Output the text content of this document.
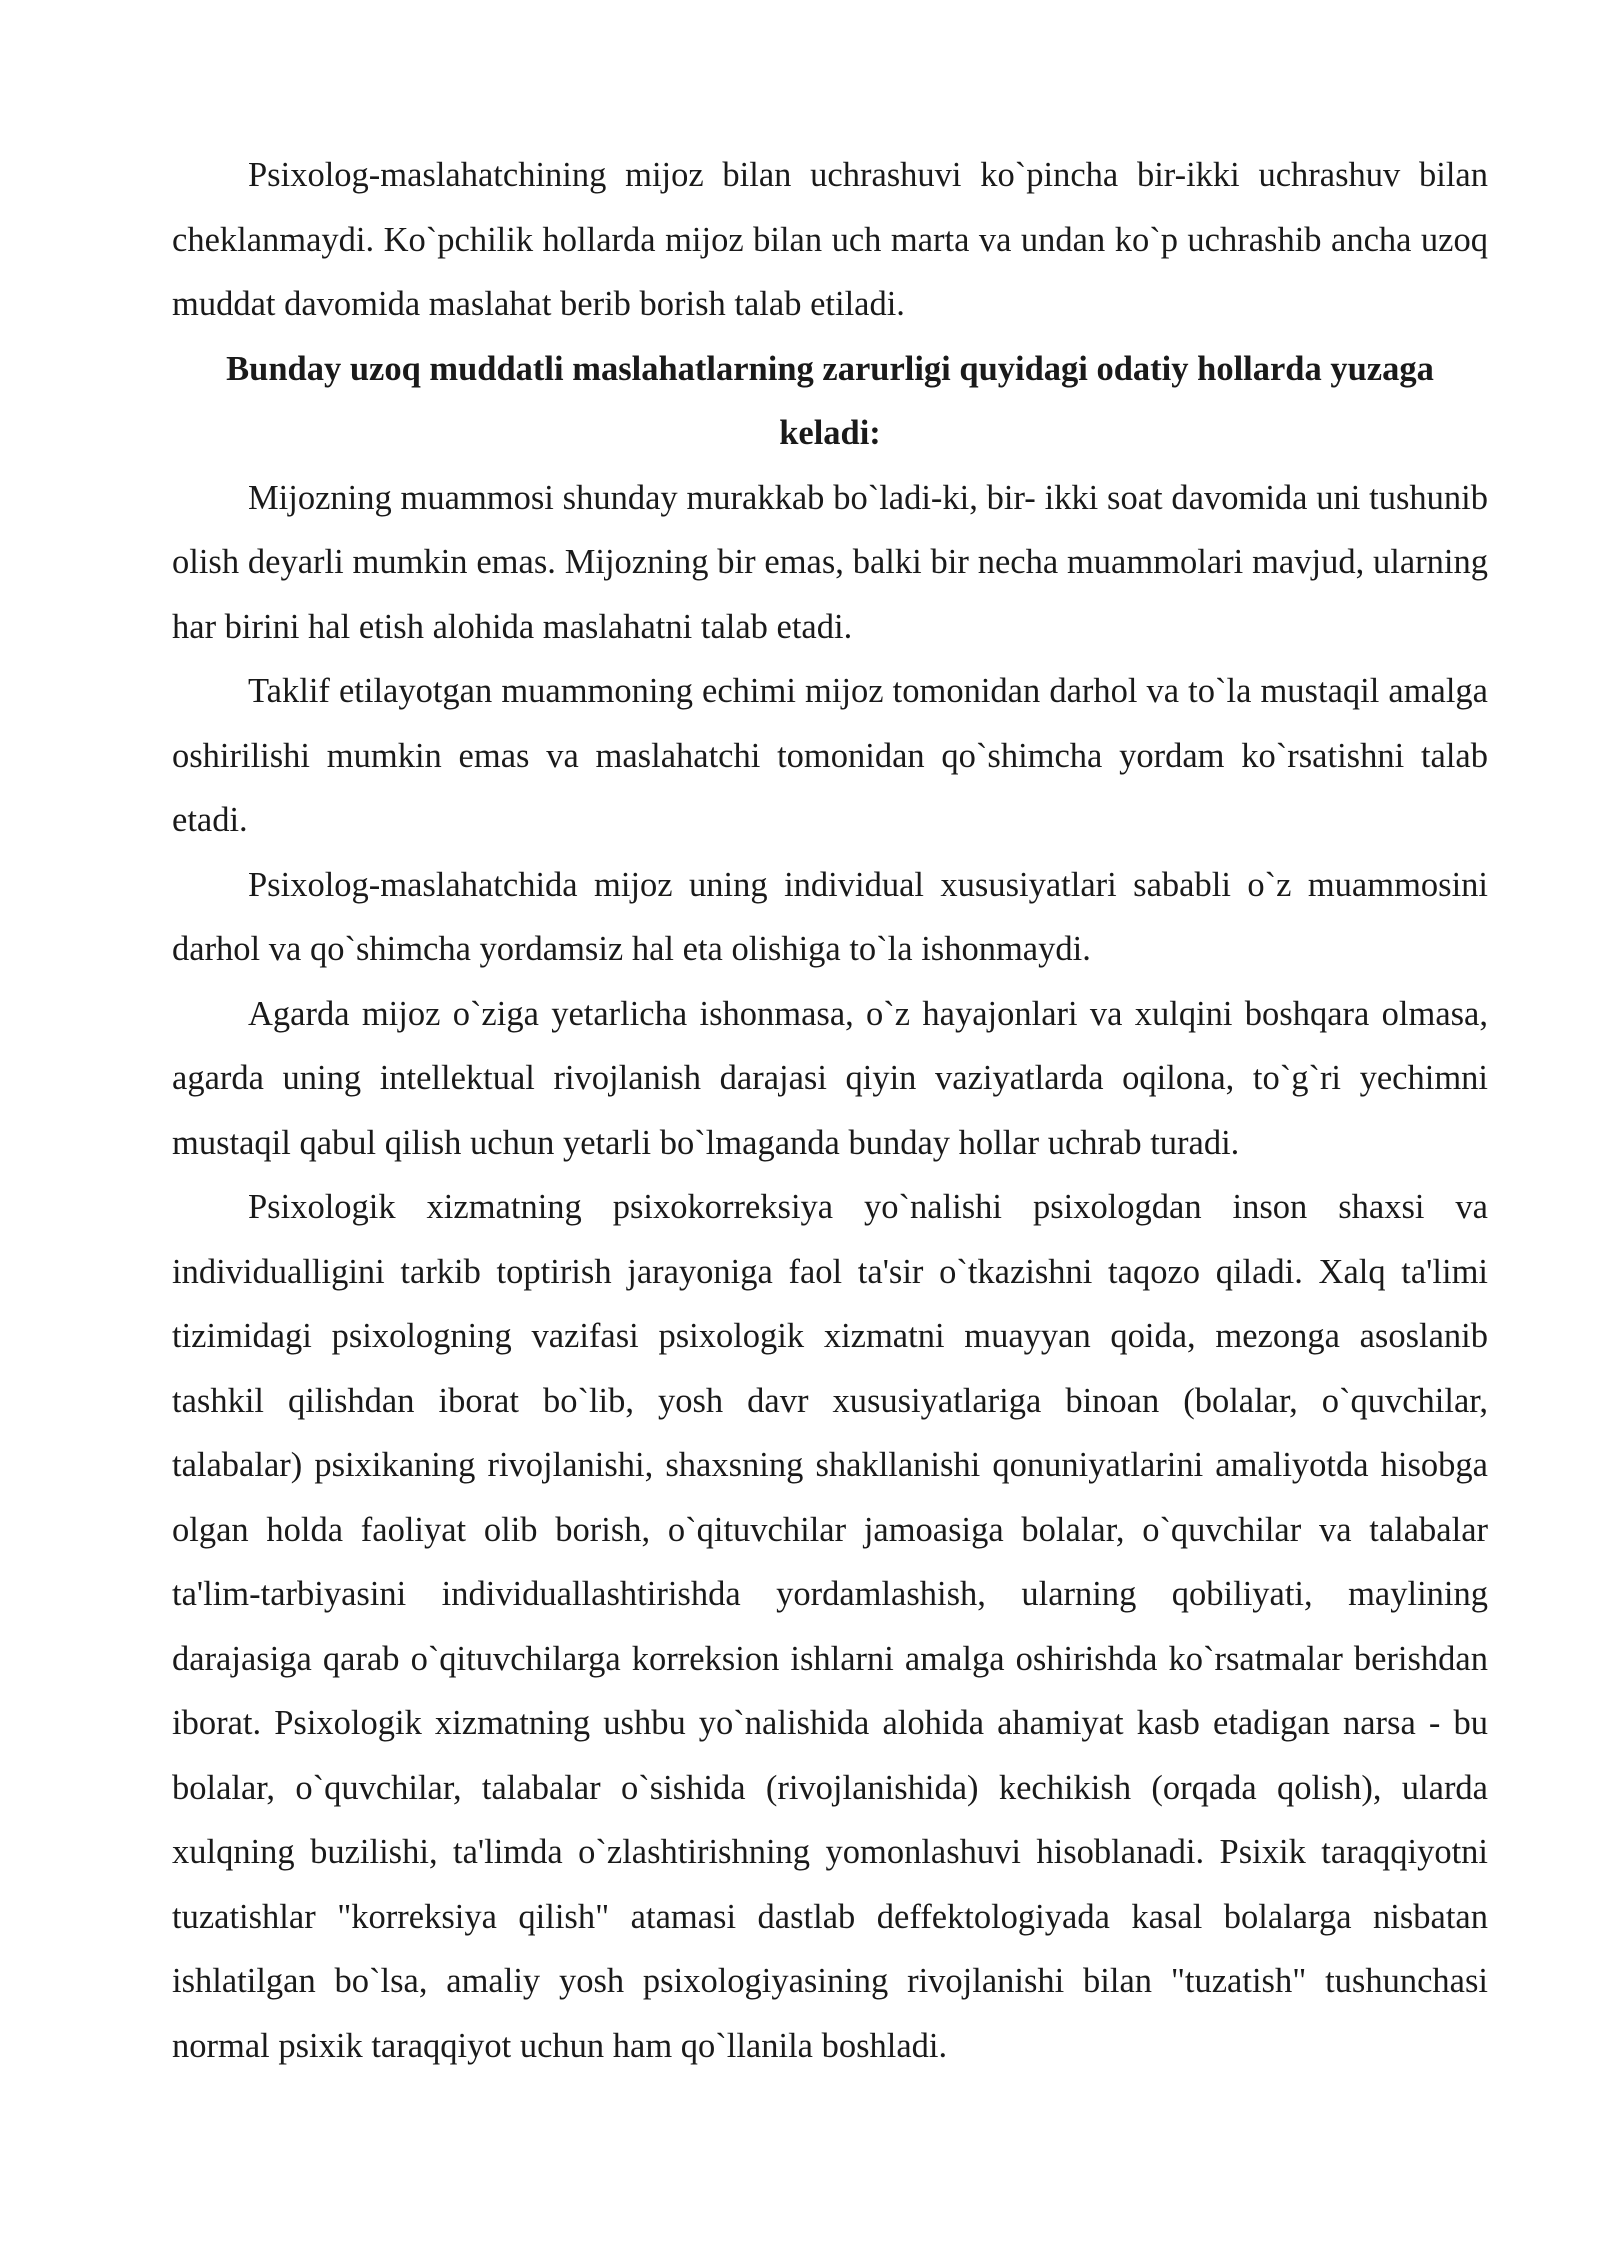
Psixolog-maslahatchining mijoz bilan uchrashuvi ko`pincha bir-ikki uchrashuv bilan cheklanmaydi. Ko`pchilik hollarda mijoz bilan uch marta va undan ko`p uchrashib ancha uzoq muddat davomida maslahat berib borish talab etiladi.

Bunday uzoq muddatli maslahatlarning zarurligi quyidagi odatiy hollarda yuzaga keladi:

Mijozning muammosi shunday murakkab bo`ladi-ki, bir- ikki soat davomida uni tushunib olish deyarli mumkin emas. Mijozning bir emas, balki bir necha muammolari mavjud, ularning har birini hal etish alohida maslahatni talab etadi.

Taklif etilayotgan muammoning echimi mijoz tomonidan darhol va to`la mustaqil amalga oshirilishi mumkin emas va maslahatchi tomonidan qo`shimcha yordam ko`rsatishni talab etadi.

Psixolog-maslahatchida mijoz uning individual xususiyatlari sababli o`z muammosini darhol va qo`shimcha yordamsiz hal eta olishiga to`la ishonmaydi.

Agarda mijoz o`ziga yetarlicha ishonmasa, o`z hayajonlari va xulqini boshqara olmasa, agarda uning intellektual rivojlanish darajasi qiyin vaziyatlarda oqilona, to`g`ri yechimni mustaqil qabul qilish uchun yetarli bo`lmaganda bunday hollar uchrab turadi.

Psixologik xizmatning psixokorreksiya yo`nalishi psixologdan inson shaxsi va individualligini tarkib toptirish jarayoniga faol ta'sir o`tkazishni taqozo qiladi. Xalq ta'limi tizimidagi psixologning vazifasi psixologik xizmatni muayyan qoida, mezonga asoslanib tashkil qilishdan iborat bo`lib, yosh davr xususiyatlariga binoan (bolalar, o`quvchilar, talabalar) psixikaning rivojlanishi, shaxsning shakllanishi qonuniyatlarini amaliyotda hisobga olgan holda faoliyat olib borish, o`qituvchilar jamoasiga bolalar, o`quvchilar va talabalar ta'lim-tarbiyasini individuallashtirishda yordamlashish, ularning qobiliyati, maylining darajasiga qarab o`qituvchilarga korreksion ishlarni amalga oshirishda ko`rsatmalar berishdan iborat. Psixologik xizmatning ushbu yo`nalishida alohida ahamiyat kasb etadigan narsa - bu bolalar, o`quvchilar, talabalar o`sishida (rivojlanishida) kechikish (orqada qolish), ularda xulqning buzilishi, ta'limda o`zlashtirishning yomonlashuvi hisoblanadi. Psixik taraqqiyotni tuzatishlar "korreksiya qilish" atamasi dastlab deffektologiyada kasal bolalarga nisbatan ishlatilgan bo`lsa, amaliy yosh psixologiyasining rivojlanishi bilan "tuzatish" tushunchasi normal psixik taraqqiyot uchun ham qo`llanila boshladi.
